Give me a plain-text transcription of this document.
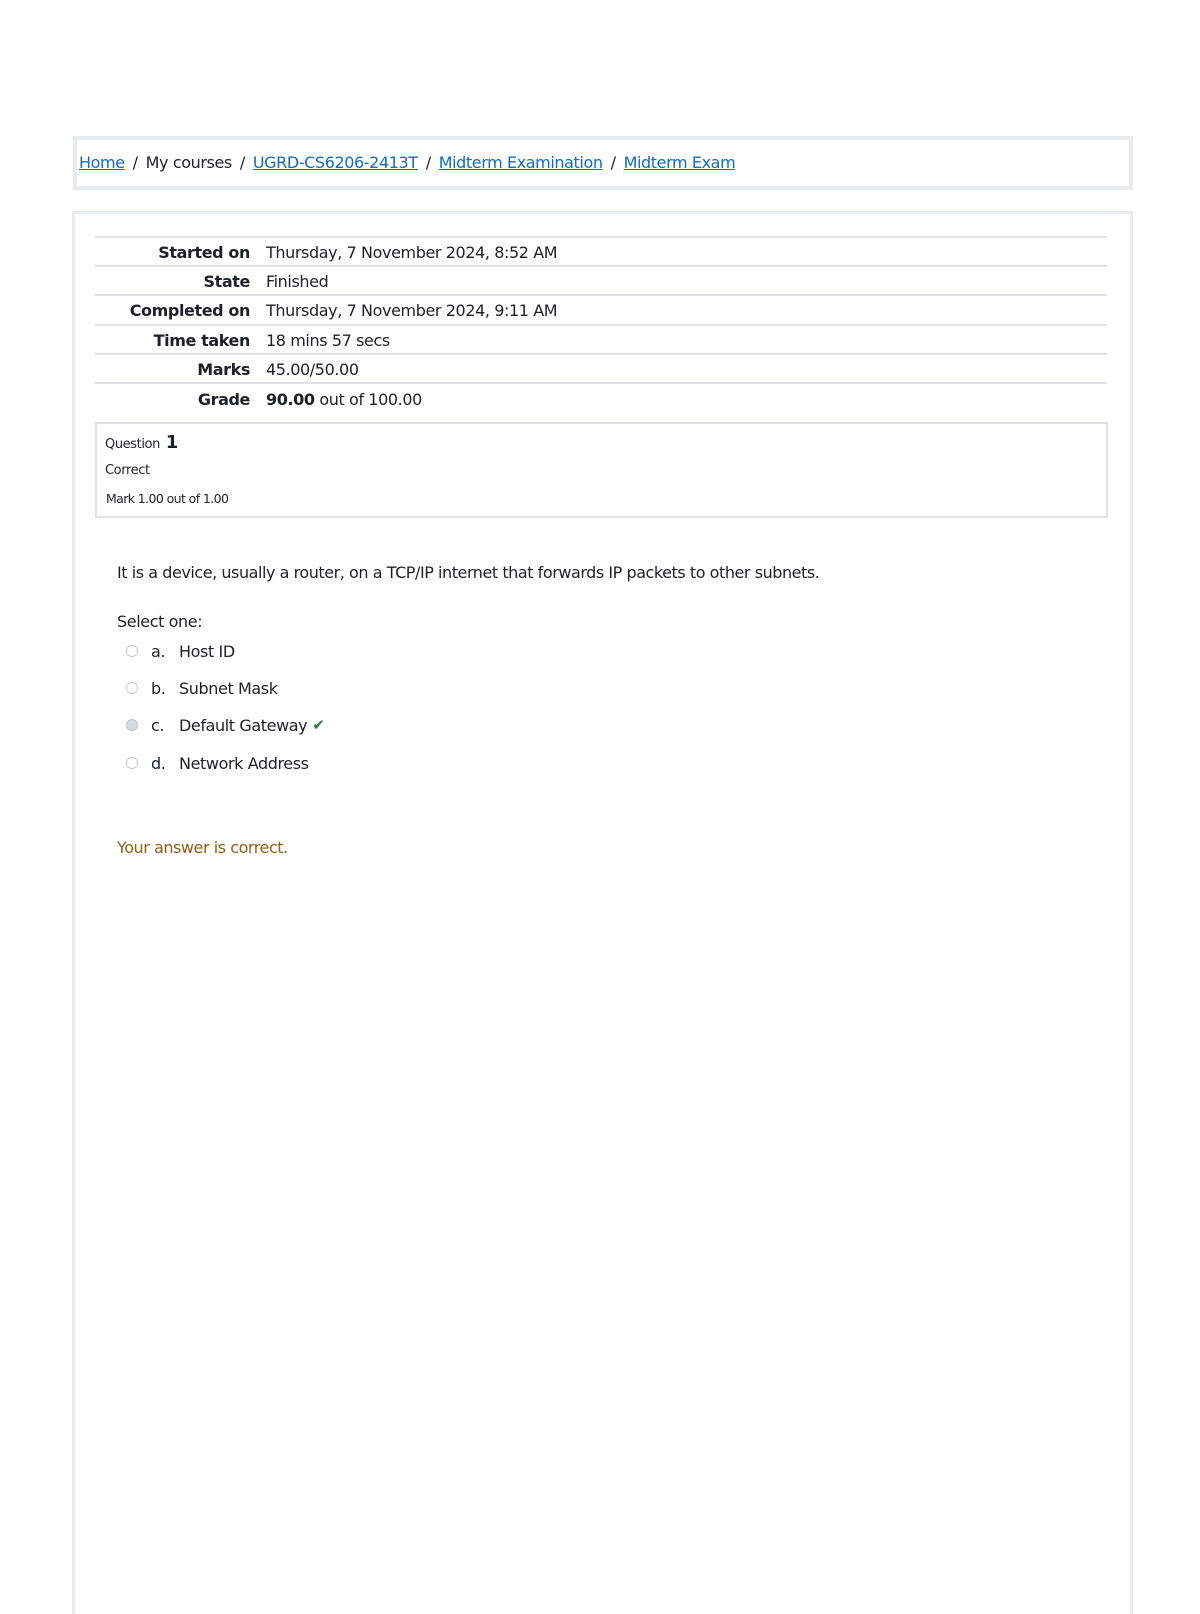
Home / My courses / UGRD-CS6206-2413T / Midterm Examination / Midterm Exam
Started on	Thursday, 7 November 2024, 8:52 AM
State	Finished
Completed on	Thursday, 7 November 2024, 9:11 AM
Time taken	18 mins 57 secs
Marks	45.00/50.00
Grade	90.00 out of 100.00
Question 1
Correct
Mark 1.00 out of 1.00
It is a device, usually a router, on a TCP/IP internet that forwards IP packets to other subnets.
Select one:
a. Host ID
b. Subnet Mask
c. Default Gateway ✔
d. Network Address
Your answer is correct.
